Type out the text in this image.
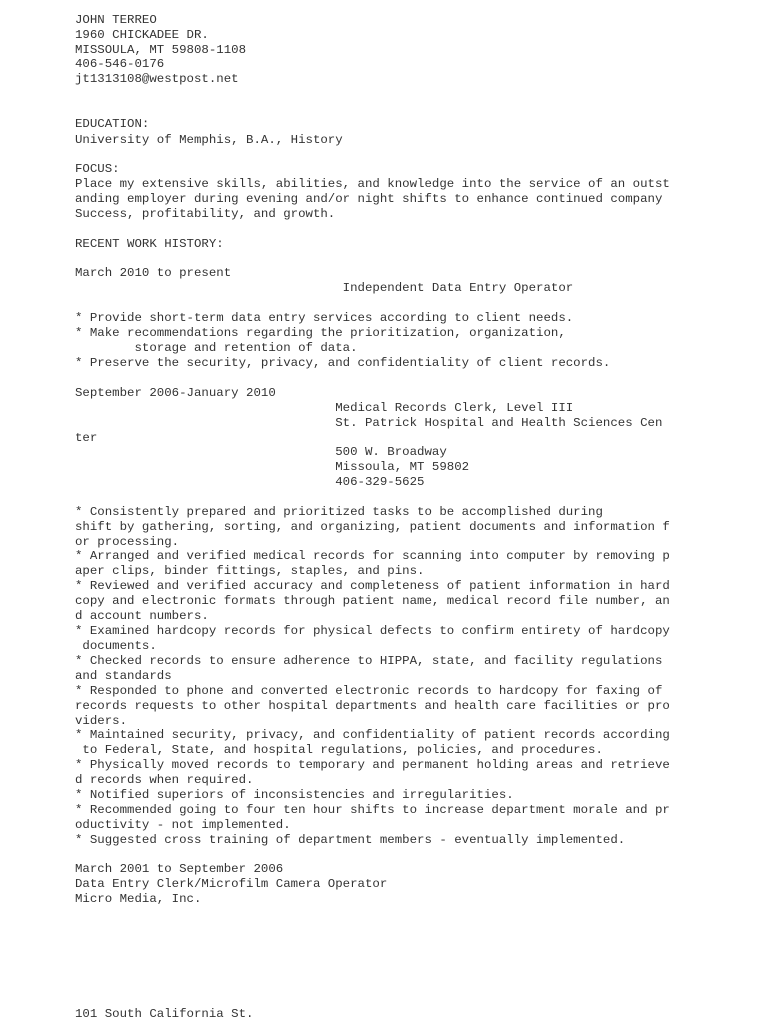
JOHN TERREO

1960 CHICKADEE DR.

MISSOULA, MT 59808-1108

406-546-0176

jt1313108@westpost.net

EDUCATION:

University of Memphis, B.A., History

FOCUS:

Place my extensive skills, abilities, and knowledge into the service of an outst

anding employer during evening and/or night shifts to enhance continued company

Success, profitability, and growth.

RECENT WORK HISTORY:

March 2010 to present

Independent Data Entry Operator

* Provide short-term data entry services according to client needs.

* Make recommendations regarding the prioritization, organization,

storage and retention of data.

* Preserve the security, privacy, and confidentiality of client records.

September 2006-January 2010

Medical Records Clerk, Level III

St. Patrick Hospital and Health Sciences Cen

ter

500 W. Broadway

Missoula, MT 59802

406-329-5625

* Consistently prepared and prioritized tasks to be accomplished during

shift by gathering, sorting, and organizing, patient documents and information f

or processing.

* Arranged and verified medical records for scanning into computer by removing p

aper clips, binder fittings, staples, and pins.

* Reviewed and verified accuracy and completeness of patient information in hard

copy and electronic formats through patient name, medical record file number, an

d account numbers.

* Examined hardcopy records for physical defects to confirm entirety of hardcopy

documents.

* Checked records to ensure adherence to HIPPA, state, and facility regulations

and standards

* Responded to phone and converted electronic records to hardcopy for faxing of

records requests to other hospital departments and health care facilities or pro

viders.

* Maintained security, privacy, and confidentiality of patient records according

to Federal, State, and hospital regulations, policies, and procedures.

* Physically moved records to temporary and permanent holding areas and retrieve

d records when required.

* Notified superiors of inconsistencies and irregularities.

* Recommended going to four ten hour shifts to increase department morale and pr

oductivity - not implemented.

* Suggested cross training of department members - eventually implemented.

March 2001 to September 2006

Data Entry Clerk/Microfilm Camera Operator

Micro Media, Inc.

101 South California St.
